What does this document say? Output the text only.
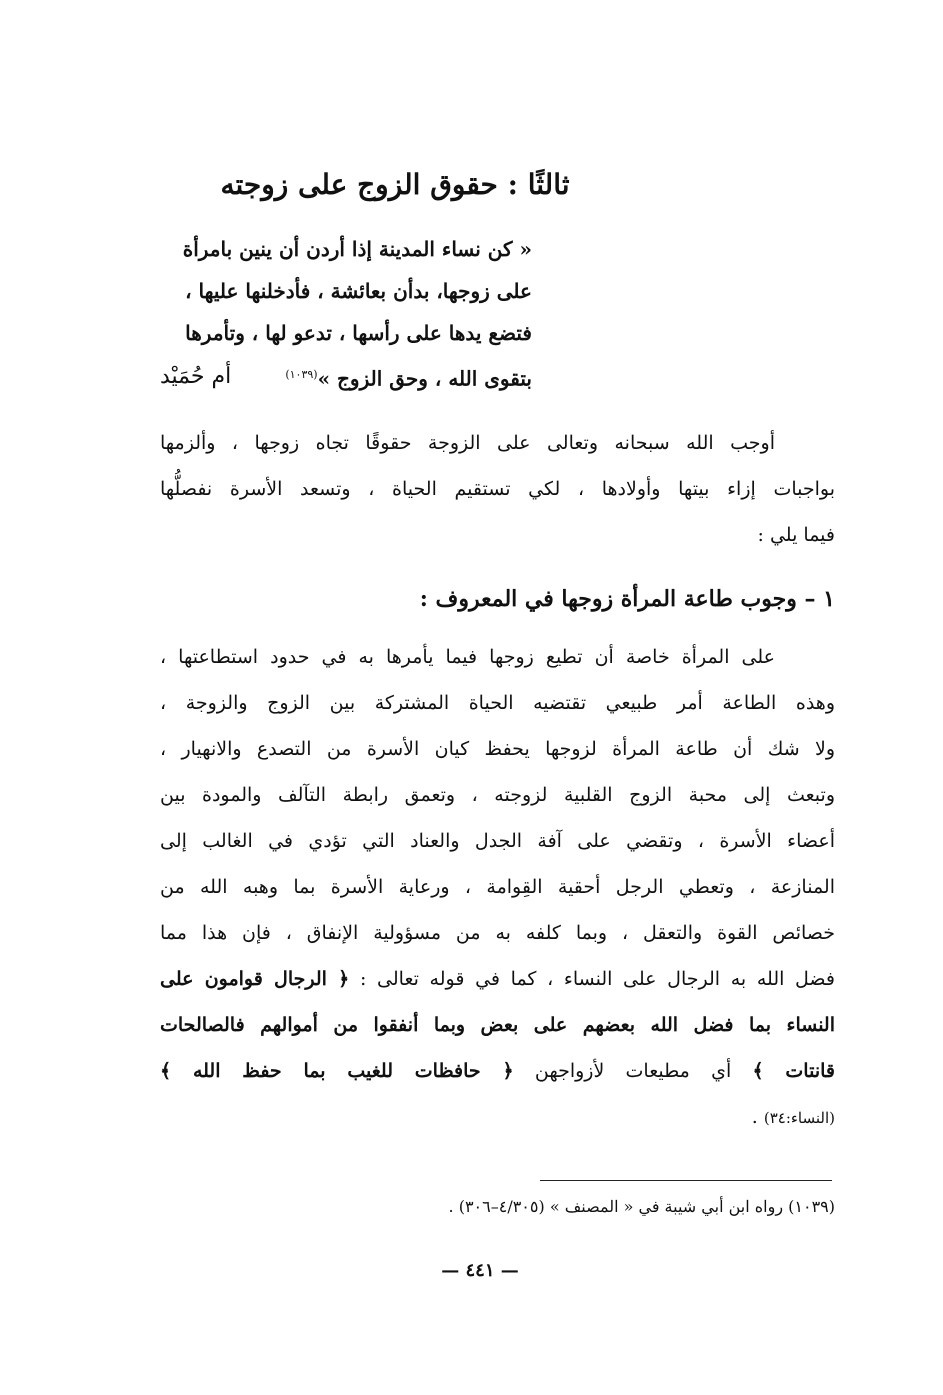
ثالثًا : حقوق الزوج على زوجته
« كن نساء المدينة إذا أردن أن ينين بامرأة
على زوجها، بدأن بعائشة ، فأدخلنها عليها ،
فتضع يدها على رأسها ، تدعو لها ، وتأمرها
بتقوى الله ، وحق الزوج »$^{(١٠٣٩)}$
أم حُمَيْد
أوجب الله سبحانه وتعالى على الزوجة حقوقًا تجاه زوجها ، وألزمها
بواجبات إزاء بيتها وأولادها ، لكي تستقيم الحياة ، وتسعد الأسرة نفصلُّها
فيما يلي :
١ – وجوب طاعة المرأة زوجها في المعروف :
على المرأة خاصة أن تطيع زوجها فيما يأمرها به في حدود استطاعتها ،
وهذه الطاعة أمر طبيعي تقتضيه الحياة المشتركة بين الزوج والزوجة ،
ولا شك أن طاعة المرأة لزوجها يحفظ كيان الأسرة من التصدع والانهيار ،
وتبعث إلى محبة الزوج القلبية لزوجته ، وتعمق رابطة التآلف والمودة بين
أعضاء الأسرة ، وتقضي على آفة الجدل والعناد التي تؤدي في الغالب إلى
المنازعة ، وتعطي الرجل أحقية القِوامة ، ورعاية الأسرة بما وهبه الله من
خصائص القوة والتعقل ، وبما كلفه به من مسؤولية الإنفاق ، فإن هذا مما
فضل الله به الرجال على النساء ، كما في قوله تعالى : ﴿ الرجال قوامون على
النساء بما فضل الله بعضهم على بعض وبما أنفقوا من أموالهم فالصالحات
قانتات ﴾ أي مطيعات لأزواجهن ﴿ حافظات للغيب بما حفظ الله ﴾
(النساء:٣٤) .
(١٠٣٩) رواه ابن أبي شيبة في « المصنف » (٤/٣٠٥–٣٠٦) .
— ٤٤١ —
